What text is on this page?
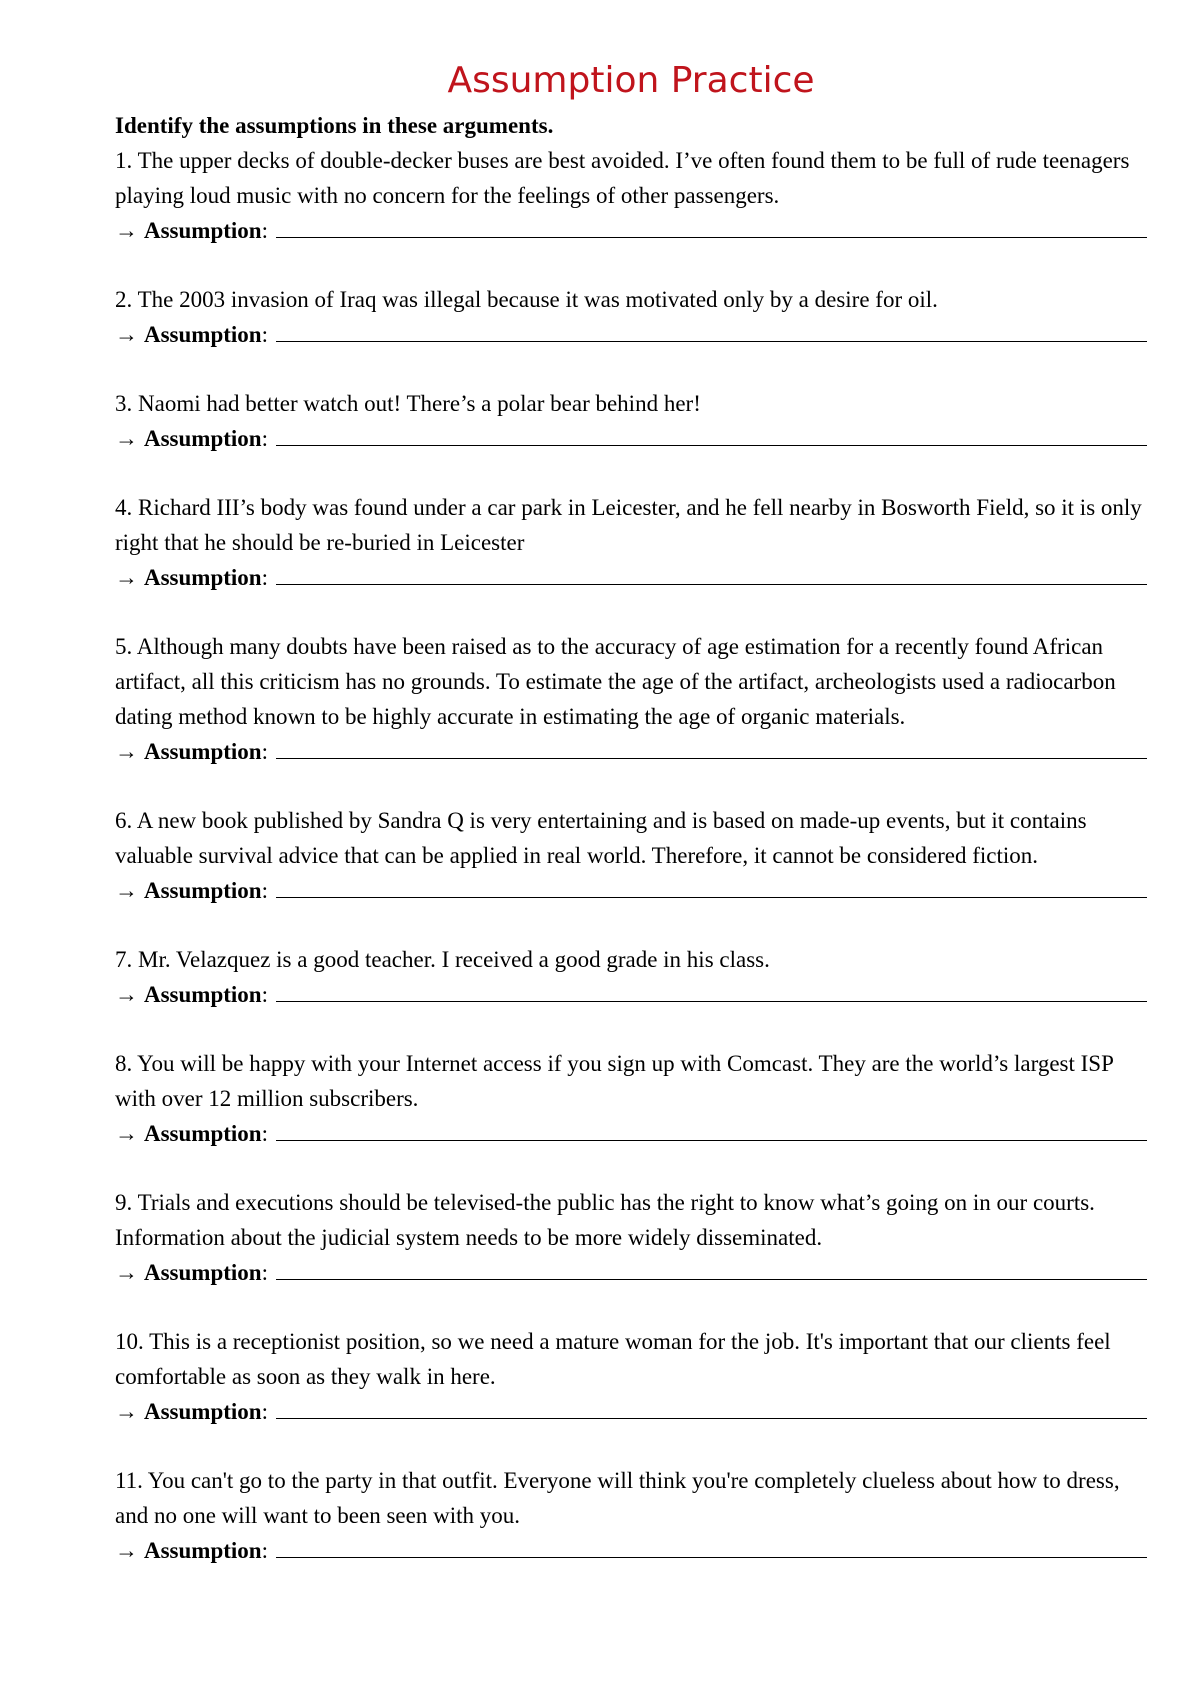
Assumption Practice

Identify the assumptions in these arguments.

1. The upper decks of double-decker buses are best avoided. I’ve often found them to be full of rude teenagers playing loud music with no concern for the feelings of other passengers.

→ Assumption :

2. The 2003 invasion of Iraq was illegal because it was motivated only by a desire for oil.

→ Assumption :

3. Naomi had better watch out! There’s a polar bear behind her!

→ Assumption :

4. Richard III’s body was found under a car park in Leicester, and he fell nearby in Bosworth Field, so it is only right that he should be re-buried in Leicester

→ Assumption :

5. Although many doubts have been raised as to the accuracy of age estimation for a recently found African artifact, all this criticism has no grounds. To estimate the age of the artifact, archeologists used a radiocarbon dating method known to be highly accurate in estimating the age of organic materials.

→ Assumption :

6. A new book published by Sandra Q is very entertaining and is based on made-up events, but it contains valuable survival advice that can be applied in real world. Therefore, it cannot be considered fiction.

→ Assumption :

7. Mr. Velazquez is a good teacher. I received a good grade in his class.

→ Assumption :

8. You will be happy with your Internet access if you sign up with Comcast. They are the world’s largest ISP with over 12 million subscribers.

→ Assumption :

9. Trials and executions should be televised-the public has the right to know what’s going on in our courts. Information about the judicial system needs to be more widely disseminated.

→ Assumption :

10. This is a receptionist position, so we need a mature woman for the job. It's important that our clients feel comfortable as soon as they walk in here.

→ Assumption :

11. You can't go to the party in that outfit. Everyone will think you're completely clueless about how to dress, and no one will want to been seen with you.

→ Assumption :
